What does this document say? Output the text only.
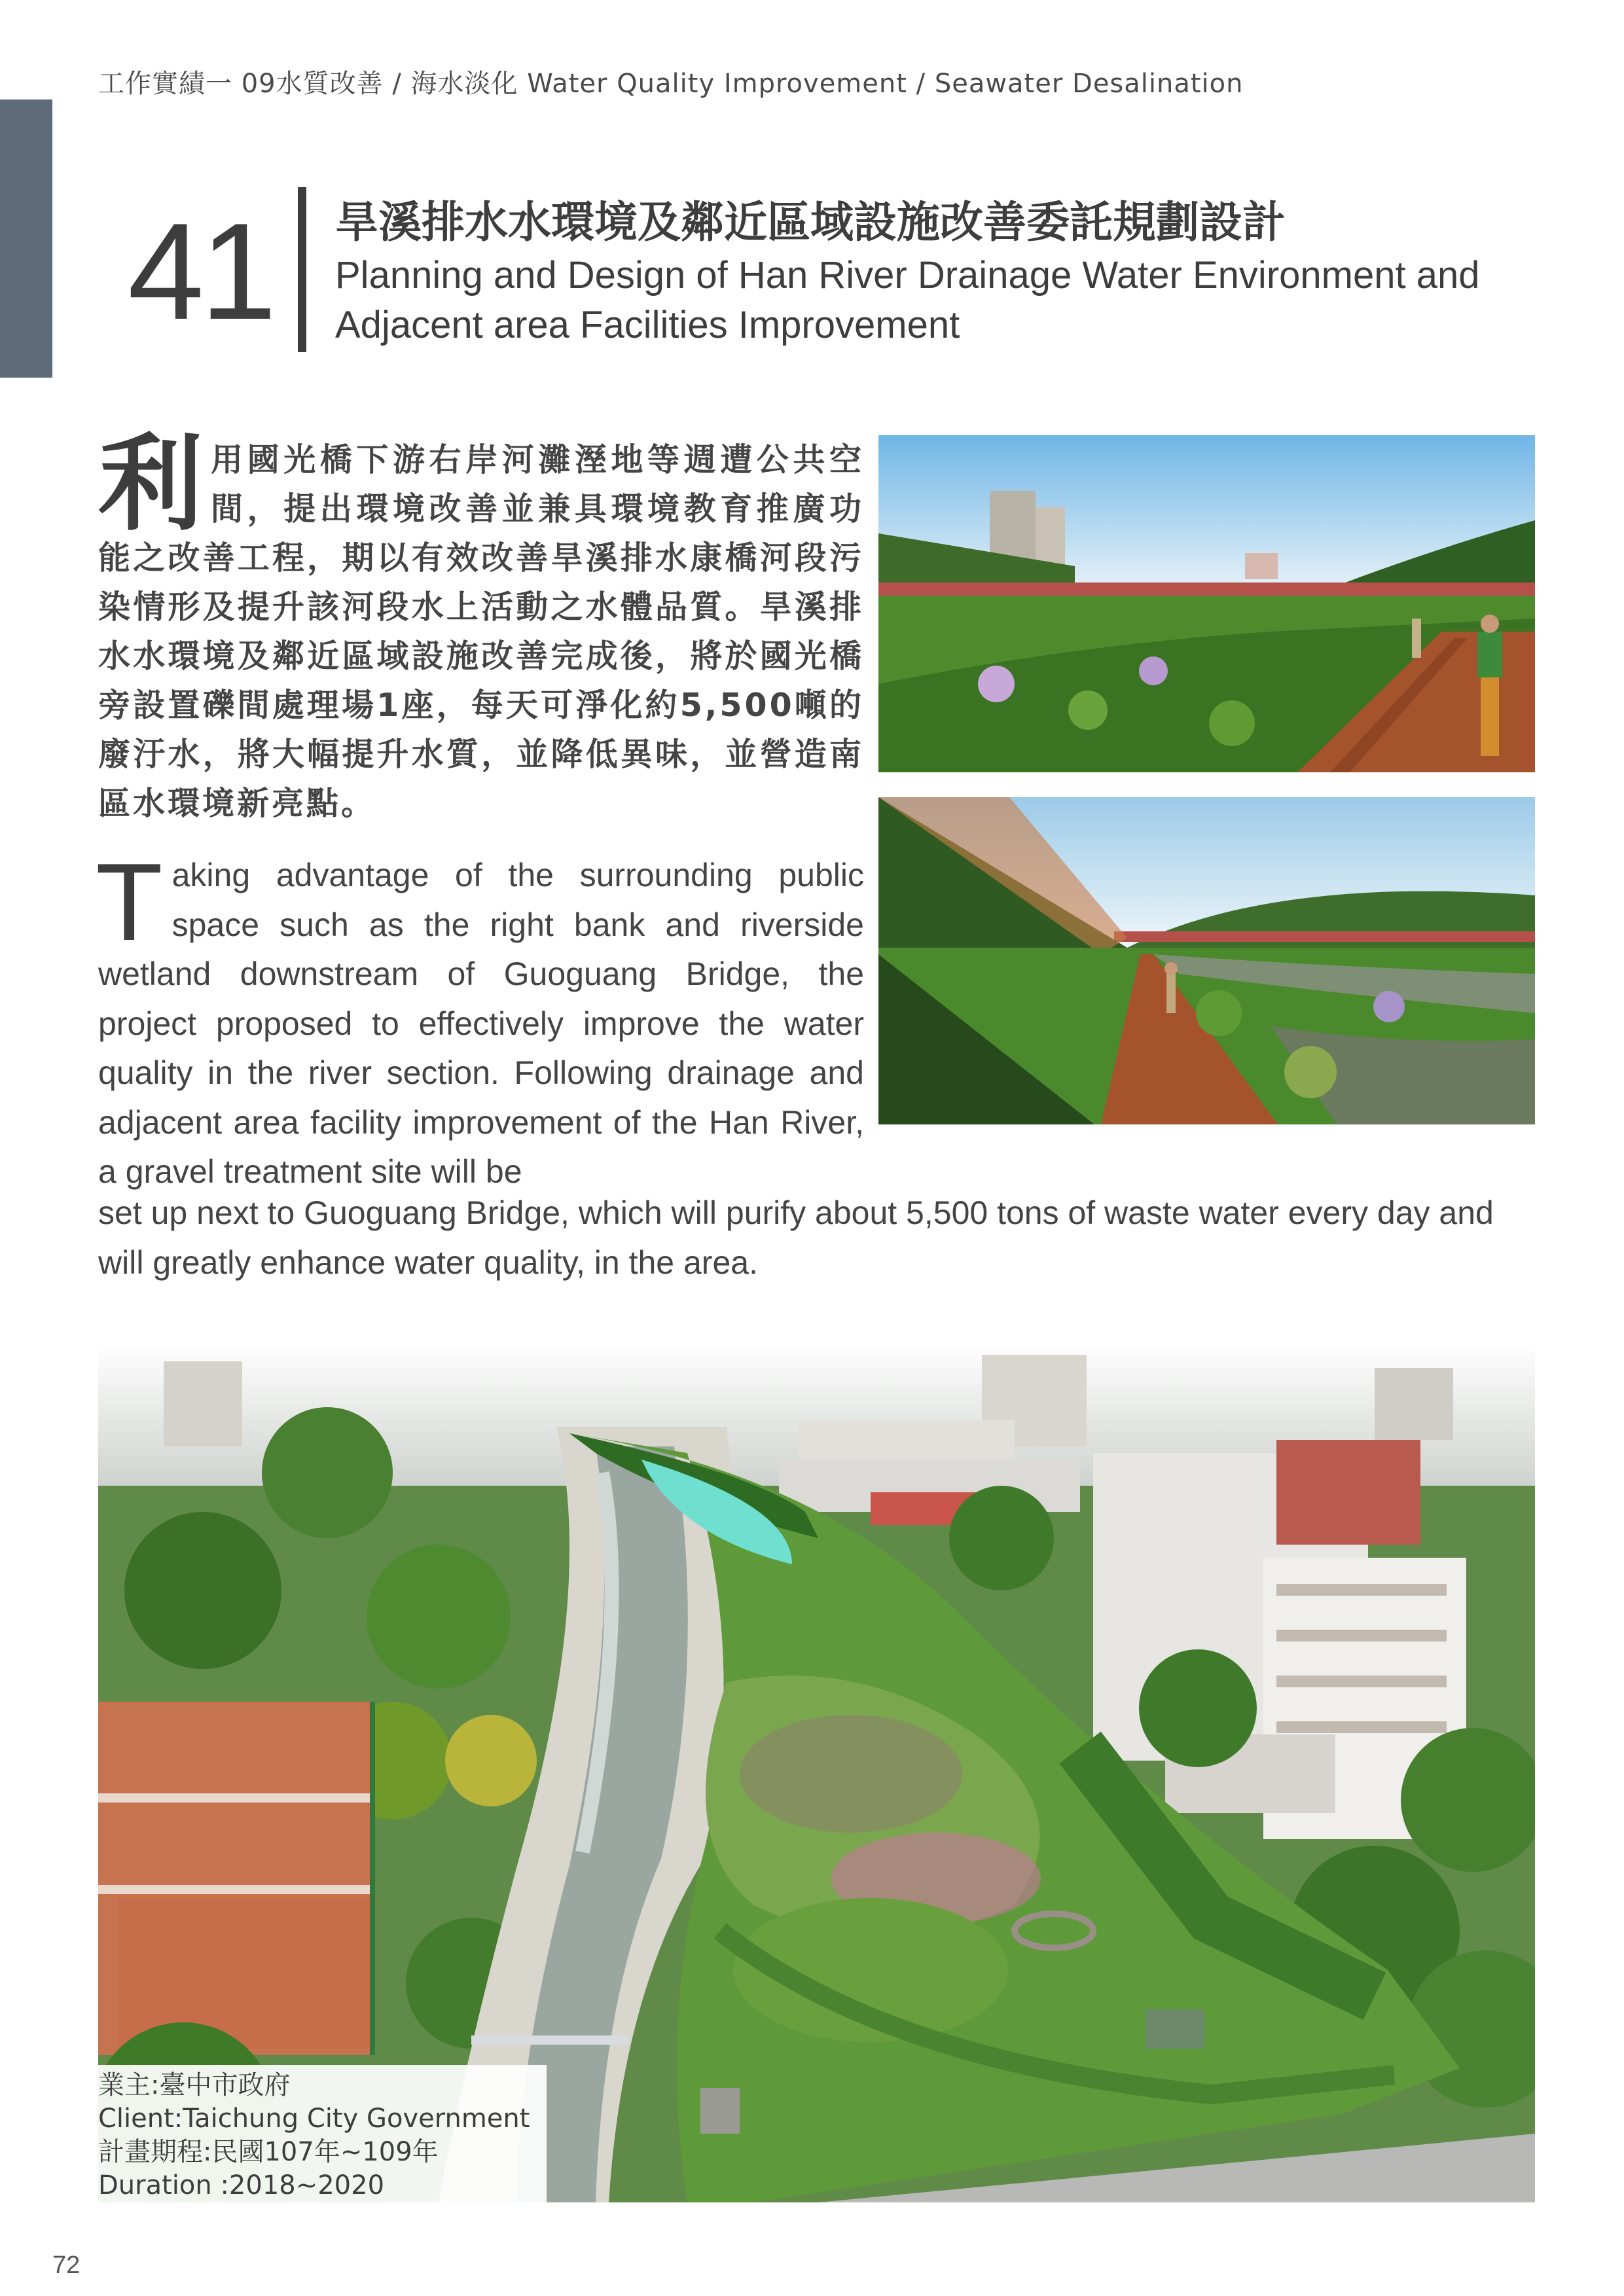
工作實績一 09水質改善 / 海水淡化 Water Quality Improvement / Seawater Desalination
41 旱溪排水水環境及鄰近區域設施改善委託規劃設計
Planning and Design of Han River Drainage Water Environment and Adjacent area Facilities Improvement
利用國光橋下游右岸河灘溼地等週遭公共空間，提出環境改善並兼具環境教育推廣功能之改善工程，期以有效改善旱溪排水康橋河段污染情形及提升該河段水上活動之水體品質。旱溪排水水環境及鄰近區域設施改善完成後，將於國光橋旁設置礫間處理場1座，每天可淨化約5,500噸的廢汙水，將大幅提升水質，並降低異味，並營造南區水環境新亮點。
Taking advantage of the surrounding public space such as the right bank and riverside wetland downstream of Guoguang Bridge, the project proposed to effectively improve the water quality in the river section. Following drainage and adjacent area facility improvement of the Han River, a gravel treatment site will be
set up next to Guoguang Bridge, which will purify about 5,500 tons of waste water every day and will greatly enhance water quality, in the area.
業主:臺中市政府
Client:Taichung City Government
計畫期程:民國107年~109年
Duration :2018~2020
72
